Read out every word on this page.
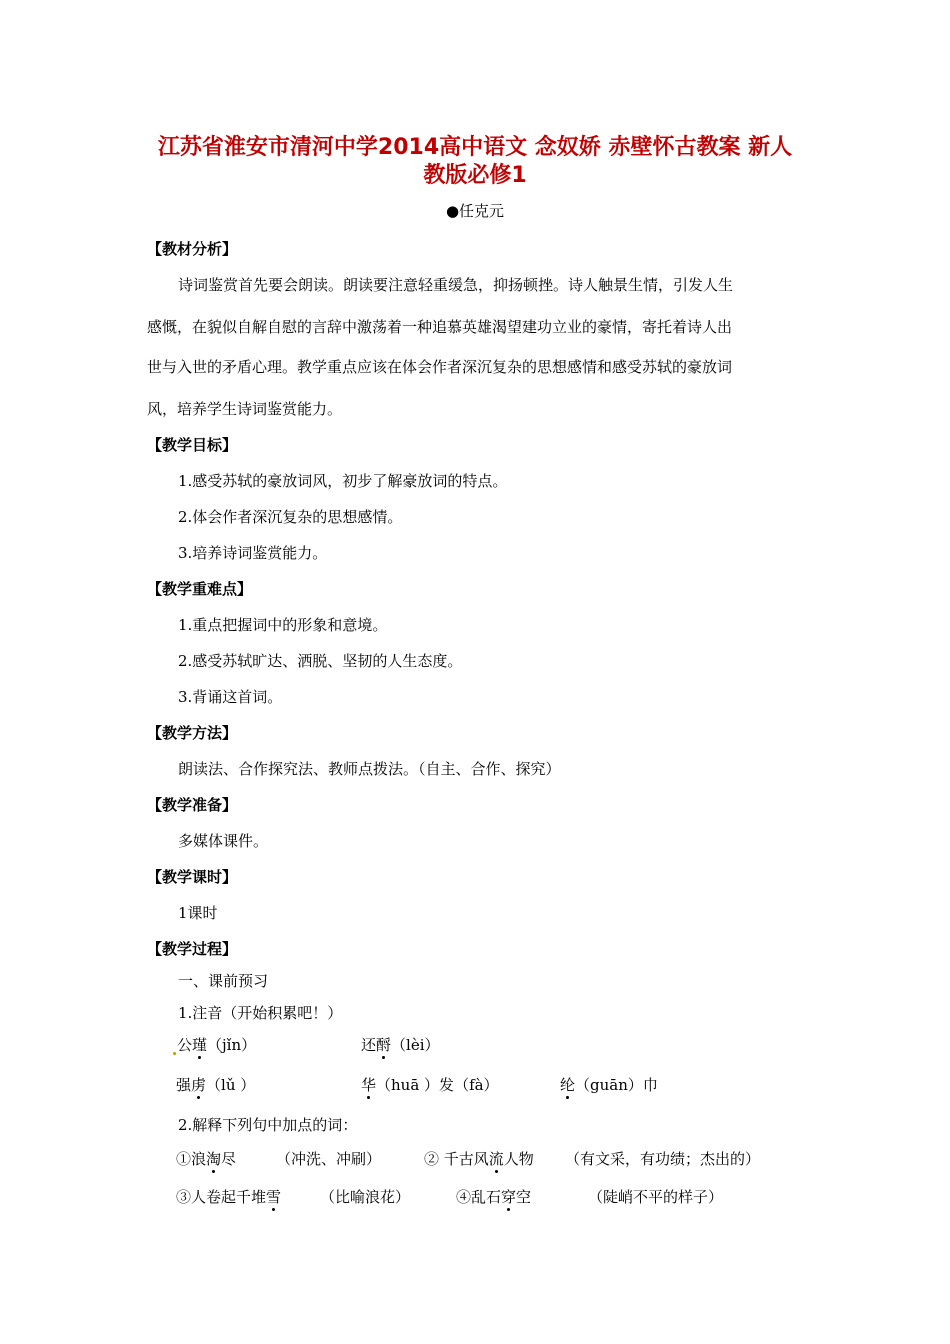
江苏省淮安市清河中学2014高中语文 念奴娇 赤壁怀古教案 新人
教版必修1
●任克元
【教材分析】
诗词鉴赏首先要会朗读。朗读要注意轻重缓急，抑扬顿挫。诗人触景生情，引发人生
感慨，在貌似自解自慰的言辞中激荡着一种追慕英雄渴望建功立业的豪情，寄托着诗人出
世与入世的矛盾心理。教学重点应该在体会作者深沉复杂的思想感情和感受苏轼的豪放词
风，培养学生诗词鉴赏能力。
【教学目标】
1.感受苏轼的豪放词风，初步了解豪放词的特点。
2.体会作者深沉复杂的思想感情。
3.培养诗词鉴赏能力。
【教学重难点】
1.重点把握词中的形象和意境。
2.感受苏轼旷达、洒脱、坚韧的人生态度。
3.背诵这首词。
【教学方法】
朗读法、合作探究法、教师点拨法。（自主、合作、探究）
【教学准备】
多媒体课件。
【教学课时】
1课时
【教学过程】
一、课前预习
1.注音（开始积累吧！）
公瑾（jǐn）	还酹（lèi）
强虏（lǔ ）	华（huā ）发（fà）	纶（guān）巾
2.解释下列句中加点的词：
①浪淘尽	（冲洗、冲刷）	② 千古风流人物 （有文采，有功绩；杰出的）
③人卷起千堆雪	（比喻浪花）	④乱石穿空	（陡峭不平的样子）
